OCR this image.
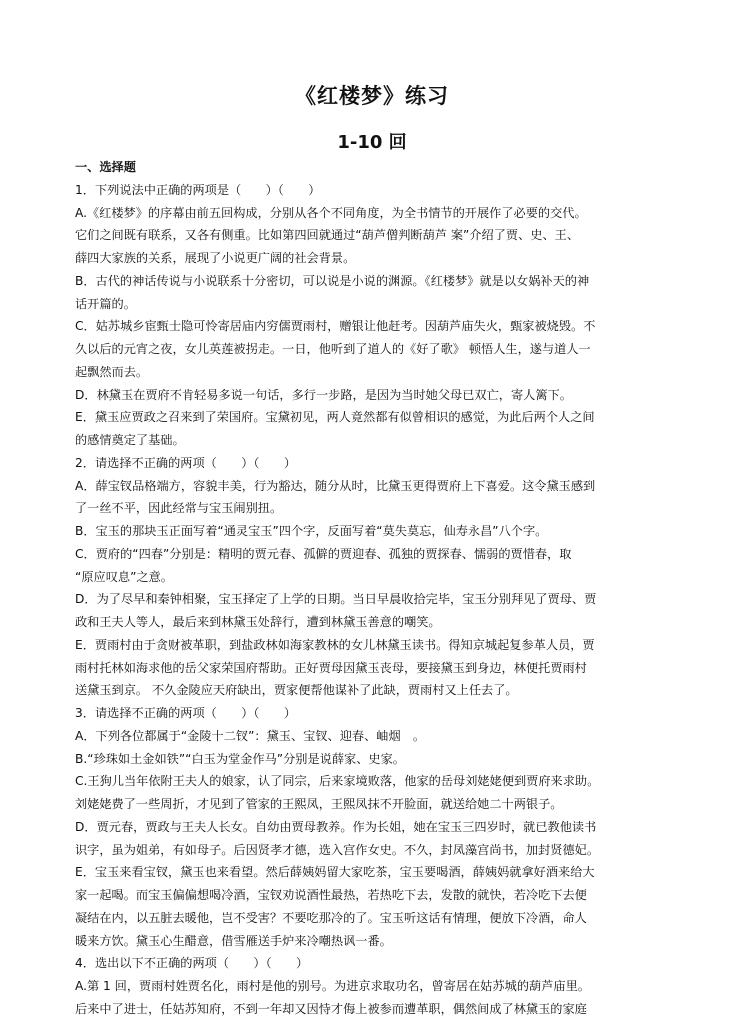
《红楼梦》练习
1-10 回
一、选择题
1．下列说法中正确的两项是（　　）（　　）
A.《红楼梦》的序幕由前五回构成，分别从各个不同角度，为全书情节的开展作了必要的交代。
它们之间既有联系，又各有侧重。比如第四回就通过“葫芦僧判断葫芦 案”介绍了贾、史、王、
薛四大家族的关系，展现了小说更广阔的社会背景。
B．古代的神话传说与小说联系十分密切，可以说是小说的渊源。《红楼梦》就是以女娲补天的神
话开篇的。
C．姑苏城乡宦甄士隐可怜寄居庙内穷儒贾雨村，赠银让他赶考。因葫芦庙失火，甄家被烧毁。不
久以后的元宵之夜，女儿英莲被拐走。一日，他听到了道人的《好了歌》 顿悟人生，遂与道人一
起飘然而去。
D．林黛玉在贾府不肯轻易多说一句话，多行一步路，是因为当时她父母已双亡，寄人篱下。
E．黛玉应贾政之召来到了荣国府。宝黛初见，两人竟然都有似曾相识的感觉，为此后两个人之间
的感情奠定了基础。
2．请选择不正确的两项（　　）（　　）
A．薛宝钗品格端方，容貌丰美，行为豁达，随分从时，比黛玉更得贾府上下喜爱。这令黛玉感到
了一丝不平，因此经常与宝玉闹别扭。
B．宝玉的那块玉正面写着“通灵宝玉”四个字，反面写着“莫失莫忘，仙寿永昌”八个字。
C．贾府的“四春”分别是：精明的贾元春、孤僻的贾迎春、孤独的贾探春、懦弱的贾惜春，取
“原应叹息”之意。
D．为了尽早和秦钟相聚，宝玉择定了上学的日期。当日早晨收拾完毕，宝玉分别拜见了贾母、贾
政和王夫人等人，最后来到林黛玉处辞行，遭到林黛玉善意的嘲笑。
E．贾雨村由于贪财被革职，到盐政林如海家教林的女儿林黛玉读书。得知京城起复参革人员，贾
雨村托林如海求他的岳父家荣国府帮助。正好贾母因黛玉丧母，要接黛玉到身边，林便托贾雨村
送黛玉到京。 不久金陵应天府缺出，贾家便帮他谋补了此缺，贾雨村又上任去了。
3．请选择不正确的两项（　　）（　　）
A．下列各位都属于“金陵十二钗”：黛玉、宝钗、迎春、岫烟　。
B.“珍珠如土金如铁”“白玉为堂金作马”分别是说薛家、史家。
C.王狗儿当年依附王夫人的娘家，认了同宗，后来家境败落，他家的岳母刘姥姥便到贾府来求助。
刘姥姥费了一些周折，才见到了管家的王熙凤，王熙凤抹不开脸面，就送给她二十两银子。
D．贾元春，贾政与王夫人长女。自幼由贾母教养。作为长姐，她在宝玉三四岁时，就已教他读书
识字，虽为姐弟，有如母子。后因贤孝才德，选入宫作女史。不久，封凤藻宫尚书，加封贤德妃。
E．宝玉来看宝钗，黛玉也来看望。然后薛姨妈留大家吃茶，宝玉要喝酒，薛姨妈就拿好酒来给大
家一起喝。而宝玉偏偏想喝冷酒，宝钗劝说酒性最热，若热吃下去，发散的就快，若冷吃下去便
凝结在内，以五脏去暖他，岂不受害？不要吃那冷的了。宝玉听这话有情理，便放下冷酒，命人
暖来方饮。黛玉心生醋意，借雪雁送手炉来冷嘲热讽一番。
4．选出以下不正确的两项（　　）（　　）
A.第 1 回，贾雨村姓贾名化，雨村是他的别号。为进京求取功名，曾寄居在姑苏城的葫芦庙里。
后来中了进士，任姑苏知府，不到一年却又因恃才侮上被参而遭革职，偶然间成了林黛玉的家庭
